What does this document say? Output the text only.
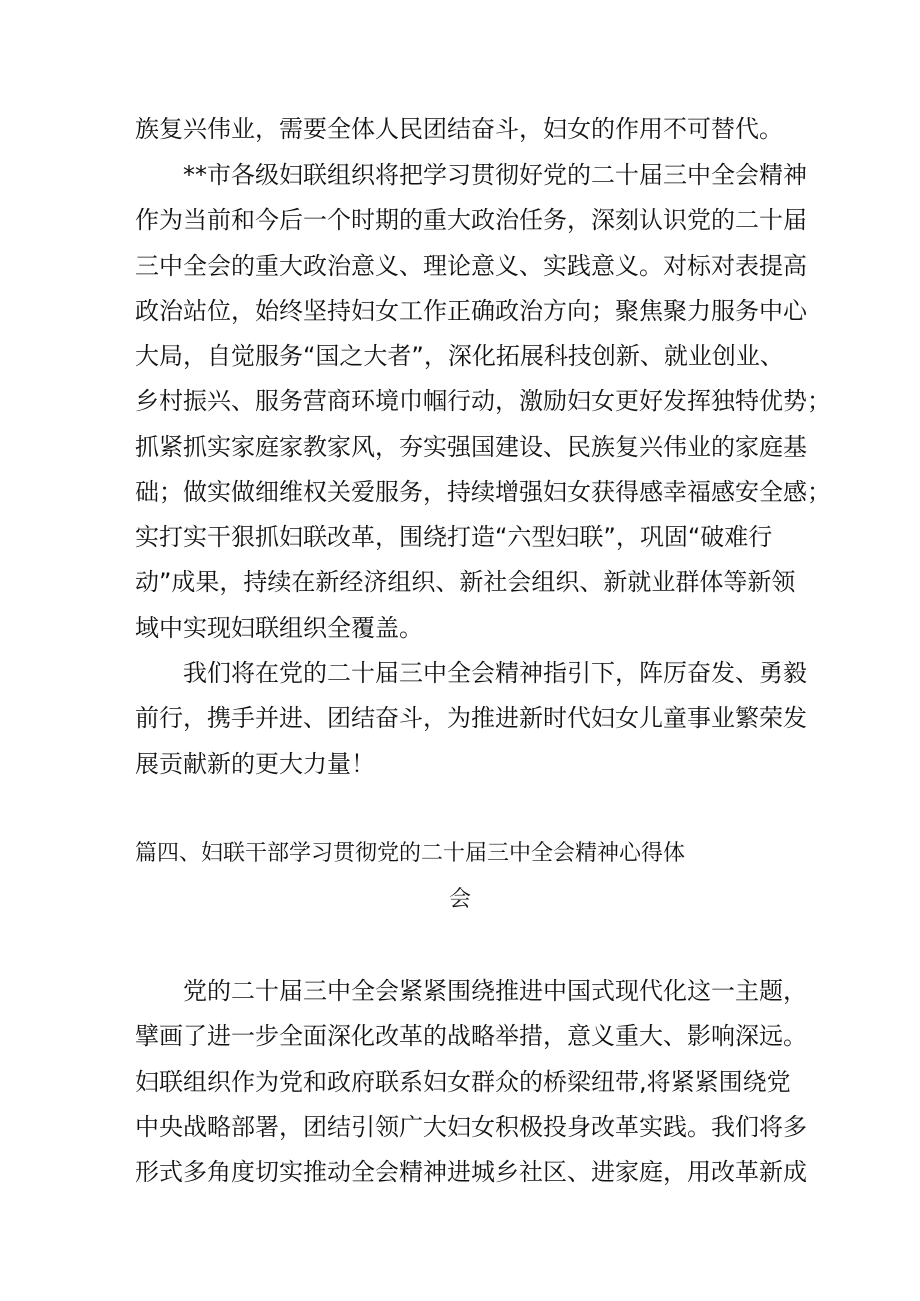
族复兴伟业，需要全体人民团结奋斗，妇女的作用不可替代。
**市各级妇联组织将把学习贯彻好党的二十届三中全会精神
作为当前和今后一个时期的重大政治任务，深刻认识党的二十届
三中全会的重大政治意义、理论意义、实践意义。对标对表提高
政治站位，始终坚持妇女工作正确政治方向；聚焦聚力服务中心
大局，自觉服务“国之大者”，深化拓展科技创新、就业创业、
乡村振兴、服务营商环境巾帼行动，激励妇女更好发挥独特优势；
抓紧抓实家庭家教家风，夯实强国建设、民族复兴伟业的家庭基
础；做实做细维权关爱服务，持续增强妇女获得感幸福感安全感；
实打实干狠抓妇联改革，围绕打造“六型妇联”，巩固“破难行
动”成果，持续在新经济组织、新社会组织、新就业群体等新领
域中实现妇联组织全覆盖。
我们将在党的二十届三中全会精神指引下，阵厉奋发、勇毅
前行，携手并进、团结奋斗，为推进新时代妇女儿童事业繁荣发
展贡献新的更大力量！
篇四、妇联干部学习贯彻党的二十届三中全会精神心得体
会
党的二十届三中全会紧紧围绕推进中国式现代化这一主题，
擘画了进一步全面深化改革的战略举措，意义重大、影响深远。
妇联组织作为党和政府联系妇女群众的桥梁纽带,将紧紧围绕党
中央战略部署，团结引领广大妇女积极投身改革实践。我们将多
形式多角度切实推动全会精神进城乡社区、进家庭，用改革新成
